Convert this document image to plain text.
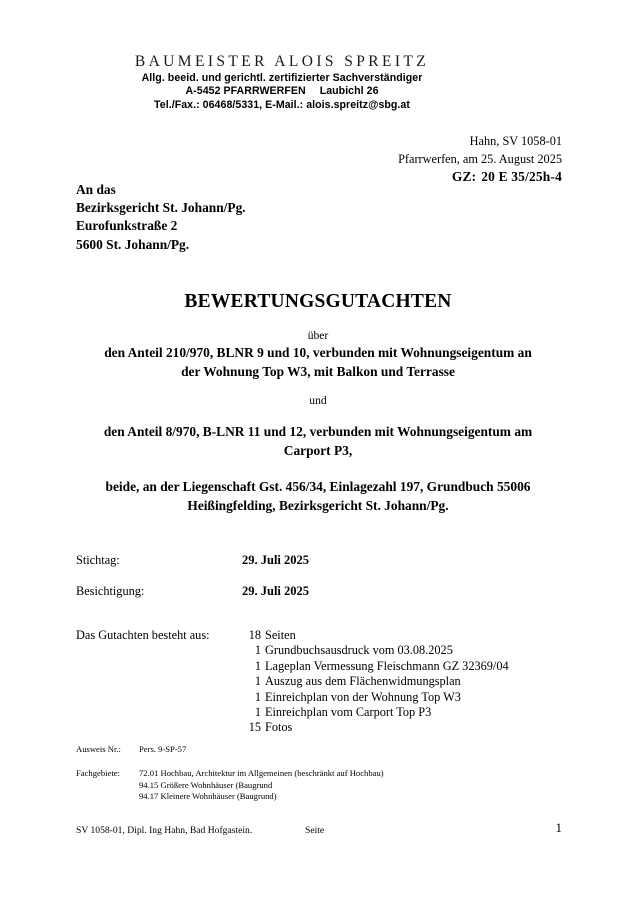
BAUMEISTER ALOIS SPREITZ
Allg. beeid. und gerichtl. zertifizierter Sachverständiger
A-5452 PFARRWERFEN Laubichl 26
Tel./Fax.: 06468/5331, E-Mail.: alois.spreitz@sbg.at
Hahn, SV 1058-01
Pfarrwerfen, am 25. August 2025
GZ: 20 E 35/25h-4
An das
Bezirksgericht St. Johann/Pg.
Eurofunkstraße 2
5600 St. Johann/Pg.
BEWERTUNGSGUTACHTEN
über
den Anteil 210/970, BLNR 9 und 10, verbunden mit Wohnungseigentum an
der Wohnung Top W3, mit Balkon und Terrasse
und
den Anteil 8/970, B-LNR 11 und 12, verbunden mit Wohnungseigentum am
Carport P3,
beide, an der Liegenschaft Gst. 456/34, Einlagezahl 197, Grundbuch 55006
Heißingfelding, Bezirksgericht St. Johann/Pg.
Stichtag:	29. Juli 2025
Besichtigung:	29. Juli 2025
Das Gutachten besteht aus:	18 Seiten
1 Grundbuchsausdruck vom 03.08.2025
1 Lageplan Vermessung Fleischmann GZ 32369/04
1 Auszug aus dem Flächenwidmungsplan
1 Einreichplan von der Wohnung Top W3
1 Einreichplan vom Carport Top P3
15 Fotos
Ausweis Nr.: Pers. 9-SP-57
Fachgebiete: 72.01 Hochbau, Architektur im Allgemeinen (beschränkt auf Hochbau)
94.15 Größere Wohnhäuser (Baugrund
94.17 Kleinere Wohnhäuser (Baugrund)
SV 1058-01, Dipl. Ing Hahn, Bad Hofgastein.	Seite	1
